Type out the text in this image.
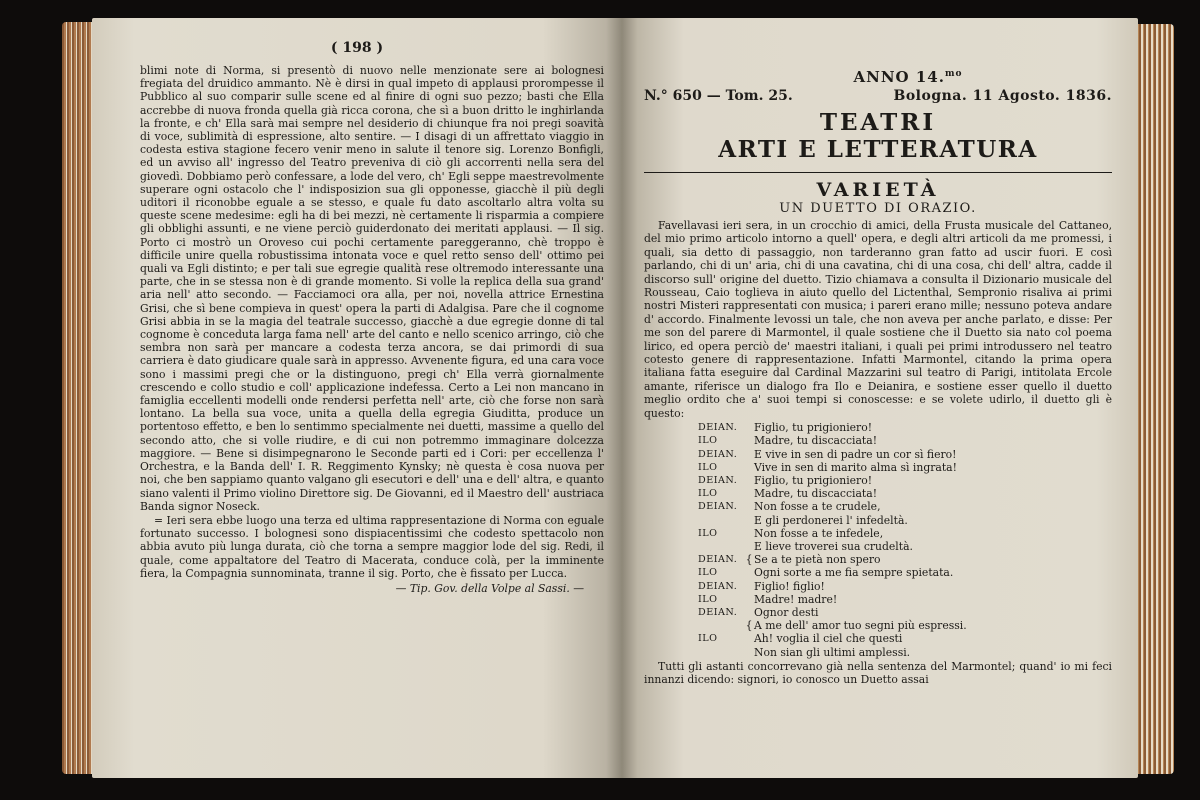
( 198 )

blimi note di Norma, si presentò di nuovo nelle menzionate sere ai bolognesi fregiata del druidico ammanto. Nè è dirsi in qual impeto di applausi prorompesse il Pubblico al suo comparir sulle scene ed al finire di ogni suo pezzo; basti che Ella accrebbe di nuova fronda quella già ricca corona, che sì a buon dritto le inghirlanda la fronte, e ch' Ella sarà mai sempre nel desiderio di chiunque fra noi pregi soavità di voce, sublimità di espressione, alto sentire. — I disagi di un affrettato viaggio in codesta estiva stagione fecero venir meno in salute il tenore sig. Lorenzo Bonfigli, ed un avviso all' ingresso del Teatro preveniva di ciò gli accorrenti nella sera del giovedì. Dobbiamo però confessare, a lode del vero, ch' Egli seppe maestrevolmente superare ogni ostacolo che l' indisposizion sua gli opponesse, giacchè il più degli uditori il riconobbe eguale a se stesso, e quale fu dato ascoltarlo altra volta su queste scene medesime: egli ha di bei mezzi, nè certamente li risparmia a compiere gli obblighi assunti, e ne viene perciò guiderdonato dei meritati applausi. — Il sig. Porto ci mostrò un Oroveso cui pochi certamente pareggeranno, chè troppo è difficile unire quella robustissima intonata voce e quel retto senso dell' ottimo pei quali va Egli distinto; e per tali sue egregie qualità rese oltremodo interessante una parte, che in se stessa non è di grande momento. Si volle la replica della sua grand' aria nell' atto secondo. — Facciamoci ora alla, per noi, novella attrice Ernestina Grisi, che sì bene compieva in quest' opera la parti di Adalgisa. Pare che il cognome Grisi abbia in se la magia del teatrale successo, giacchè a due egregie donne di tal cognome è conceduta larga fama nell' arte del canto e nello scenico arringo, ciò che sembra non sarà per mancare a codesta terza ancora, se dai primordi di sua carriera è dato giudicare quale sarà in appresso. Avvenente figura, ed una cara voce sono i massimi pregi che or la distinguono, pregi ch' Ella verrà giornalmente crescendo e collo studio e coll' applicazione indefessa. Certo a Lei non mancano in famiglia eccellenti modelli onde rendersi perfetta nell' arte, ciò che forse non sarà lontano. La bella sua voce, unita a quella della egregia Giuditta, produce un portentoso effetto, e ben lo sentimmo specialmente nei duetti, massime a quello del secondo atto, che si volle riudire, e di cui non potremmo immaginare dolcezza maggiore. — Bene si disimpegnarono le Seconde parti ed i Cori: per eccellenza l' Orchestra, e la Banda dell' I. R. Reggimento Kynsky; nè questa è cosa nuova per noi, che ben sappiamo quanto valgano gli esecutori e dell' una e dell' altra, e quanto siano valenti il Primo violino Direttore sig. De Giovanni, ed il Maestro dell' austriaca Banda signor Noseck.

= Ieri sera ebbe luogo una terza ed ultima rappresentazione di Norma con eguale fortunato successo. I bolognesi sono dispiacentissimi che codesto spettacolo non abbia avuto più lunga durata, ciò che torna a sempre maggior lode del sig. Redi, il quale, come appaltatore del Teatro di Macerata, conduce colà, per la imminente fiera, la Compagnia sunnominata, tranne il sig. Porto, che è fissato per Lucca.

— Tip. Gov. della Volpe al Sassi. —
ANNO 14.$^{mo}$
N.° 650 — Tom. 25.	Bologna. 11 Agosto. 1836.
TEATRI
ARTI E LETTERATURA
VARIETÀ
UN DUETTO DI ORAZIO.

Favellavasi ieri sera, in un crocchio di amici, della Frusta musicale del Cattaneo, del mio primo articolo intorno a quell' opera, e degli altri articoli da me promessi, i quali, sia detto di passaggio, non tarderanno gran fatto ad uscir fuori. E così parlando, chi di un' aria, chi di una cavatina, chi di una cosa, chi dell' altra, cadde il discorso sull' origine del duetto. Tizio chiamava a consulta il Dizionario musicale del Rousseau, Caio toglieva in aiuto quello del Lictenthal, Sempronio risaliva ai primi nostri Misteri rappresentati con musica; i pareri erano mille; nessuno poteva andare d' accordo. Finalmente levossi un tale, che non aveva per anche parlato, e disse: Per me son del parere di Marmontel, il quale sostiene che il Duetto sia nato col poema lirico, ed opera perciò de' maestri italiani, i quali pei primi introdussero nel teatro cotesto genere di rappresentazione. Infatti Marmontel, citando la prima opera italiana fatta eseguire dal Cardinal Mazzarini sul teatro di Parigi, intitolata Ercole amante, riferisce un dialogo fra Ilo e Deianira, e sostiene esser quello il duetto meglio ordito che a' suoi tempi si conoscesse: e se volete udirlo, il duetto gli è questo:

DEIAN.	Figlio, tu prigioniero!
ILO	Madre, tu discacciata!
DEIAN.	E vive in sen di padre un cor sì fiero!
ILO	Vive in sen di marito alma sì ingrata!
DEIAN.	Figlio, tu prigioniero!
ILO	Madre, tu discacciata!
DEIAN.	Non fosse a te crudele,
E gli perdonerei l' infedeltà.
ILO	Non fosse a te infedele,
E lieve troverei sua crudeltà.
DEIAN. { Se a te pietà non spero
ILO	Ogni sorte a me fia sempre spietata.
DEIAN.	Figlio! figlio!
ILO	Madre! madre!
DEIAN.	Ognor desti
{ A me dell' amor tuo segni più espressi.
ILO	Ah! voglia il ciel che questi
Non sian gli ultimi amplessi.

Tutti gli astanti concorrevano già nella sentenza del Marmontel; quand' io mi feci innanzi dicendo: signori, io conosco un Duetto assai
